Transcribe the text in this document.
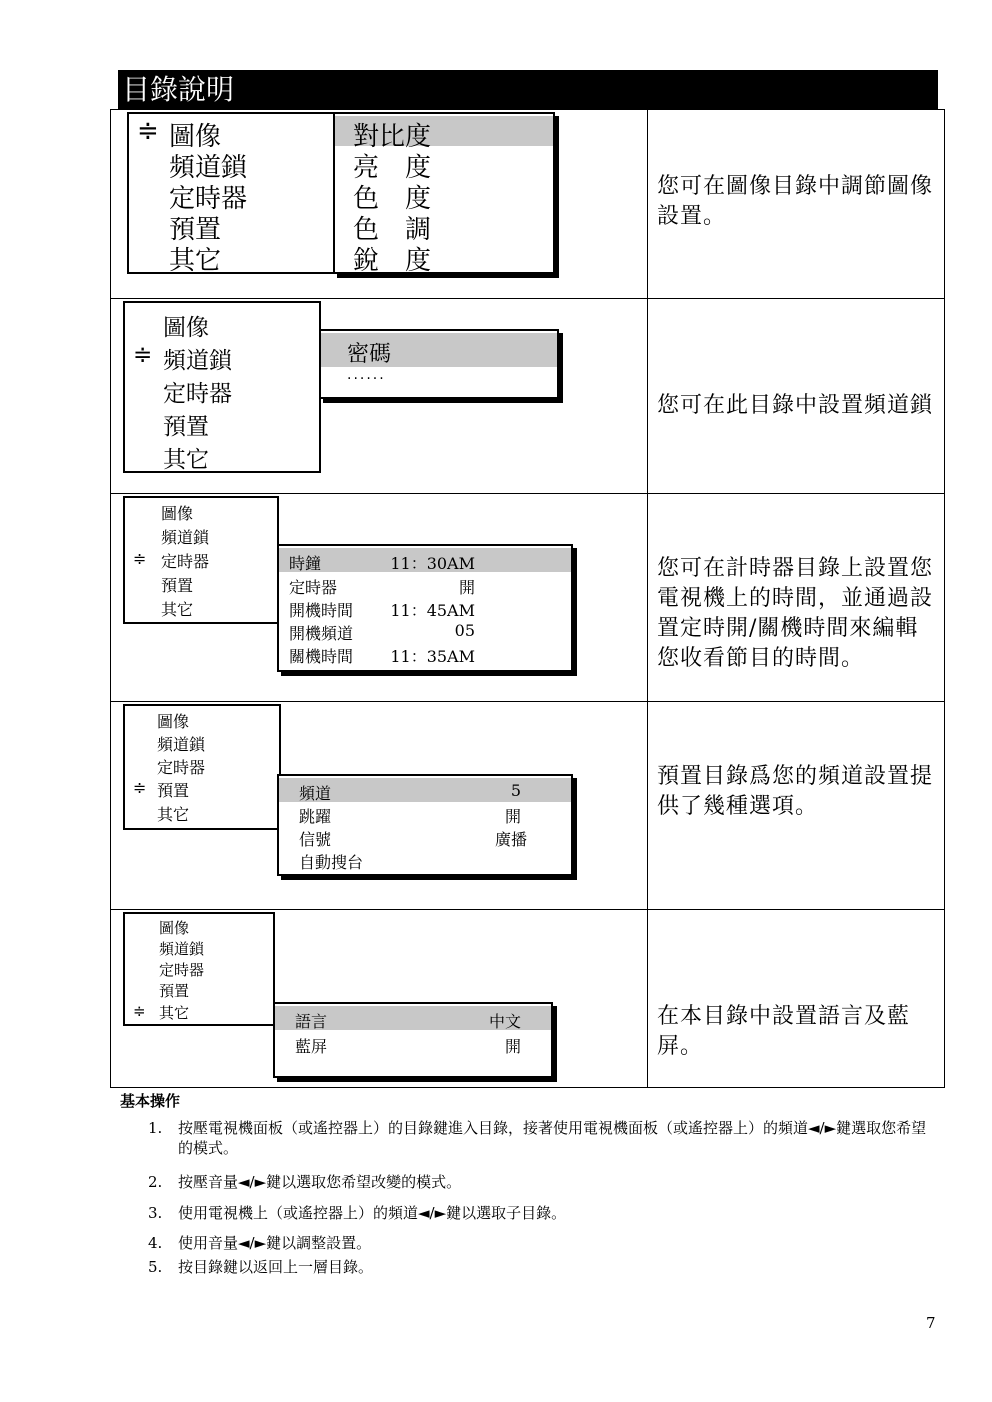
目錄說明
≑ 圖像
頻道鎖
定時器
預置
其它
對比度
亮　度
色　度
色　調
銳　度
您可在圖像目錄中調節圖像設置。
圖像
≑ 頻道鎖
定時器
預置
其它
密碼
······
您可在此目錄中設置頻道鎖
圖像
頻道鎖
≑ 定時器
預置
其它
時鐘	11：30AM
定時器	開
開機時間 11：45AM
開機頻道	05
關機時間 11：35AM
您可在計時器目錄上設置您電視機上的時間，並通過設置定時開/關機時間來編輯您收看節目的時間。
圖像
頻道鎖
定時器
≑ 預置
其它
頻道	5
跳躍	開
信號	廣播
自動搜台
預置目錄爲您的頻道設置提供了幾種選項。
圖像
頻道鎖
定時器
預置
≑ 其它	語言	中文
藍屏	開
在本目錄中設置語言及藍屏。
基本操作
1. 按壓電視機面板（或遙控器上）的目錄鍵進入目錄，接著使用電視機面板（或遙控器上）的頻道◄/►鍵選取您希望的模式。
2. 按壓音量◄/►鍵以選取您希望改變的模式。
3. 使用電視機上（或遙控器上）的頻道◄/►鍵以選取子目錄。
4. 使用音量◄/►鍵以調整設置。
5. 按目錄鍵以返回上一層目錄。
7
